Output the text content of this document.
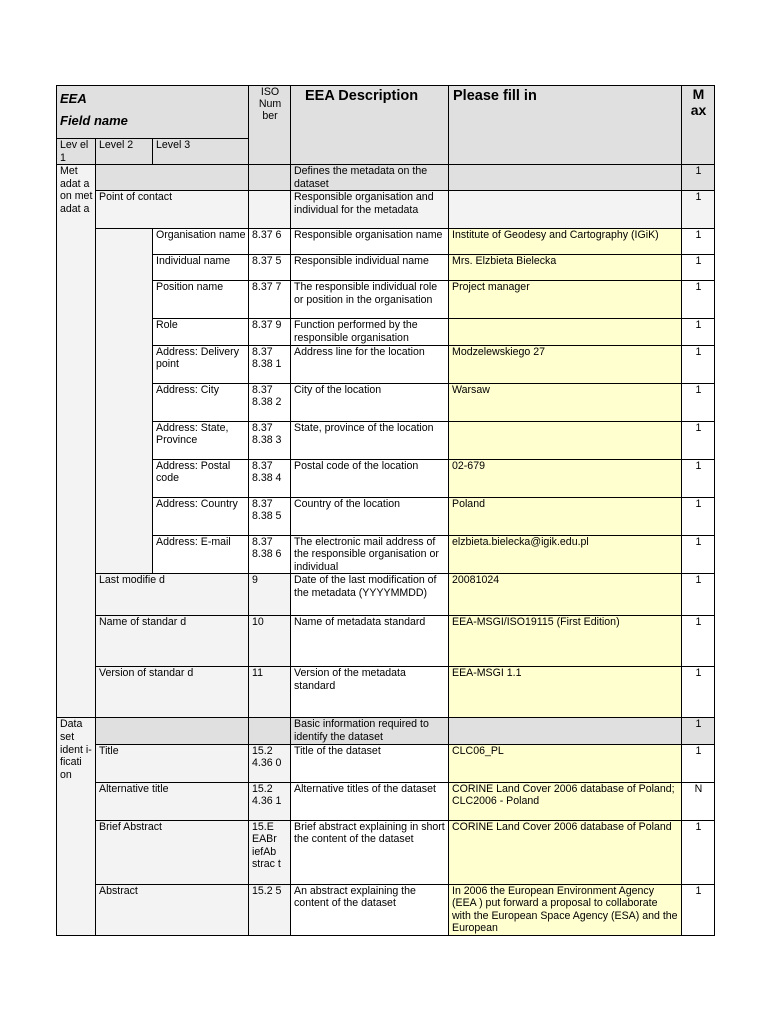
EEA
Field name			ISO Num ber	EEA Description	Please fill in	M ax
Lev el 1	Level 2	Level 3				
Met adat a on met adat a				Defines the metadata on the dataset		1
	Point of contact			Responsible organisation and individual for the metadata		1
		Organisation name	8.37 6	Responsible organisation name	Institute of Geodesy and Cartography (IGiK)	1
		Individual name	8.37 5	Responsible individual name	Mrs. Elzbieta Bielecka	1
		Position name	8.37 7	The responsible individual role or position in the organisation	Project manager	1
		Role	8.37 9	Function performed by the responsible organisation		1
		Address: Delivery point	8.37 8.38 1	Address line for the location	Modzelewskiego 27	1
		Address: City	8.37 8.38 2	City of the location	Warsaw	1
		Address: State, Province	8.37 8.38 3	State, province of the location		1
		Address: Postal code	8.37 8.38 4	Postal code of the location	02-679	1
		Address: Country	8.37 8.38 5	Country of the location	Poland	1
		Address: E-mail	8.37 8.38 6	The electronic mail address of the responsible organisation or individual	elzbieta.bielecka@igik.edu.pl	1
	Last modifie d		9	Date of the last modification of the metadata (YYYYMMDD)	20081024	1
	Name of standar d		10	Name of metadata standard	EEA-MSGI/ISO19115 (First Edition)	1
	Version of standar d		11	Version of the metadata standard	EEA-MSGI 1.1	1
Data set ident i- ficati on				Basic information required to identify the dataset		1
	Title		15.2 4.36 0	Title of the dataset	CLC06_PL	1
	Alternative title		15.2 4.36 1	Alternative titles of the dataset	CORINE Land Cover 2006 database of Poland; CLC2006 - Poland	N
	Brief Abstract		15.E EABr iefAb strac t	Brief abstract explaining in short the content of the dataset	CORINE Land Cover 2006 database of Poland	1
	Abstract		15.2 5	An abstract explaining the content of the dataset	In 2006 the European Environment Agency (EEA ) put forward a proposal to collaborate with the European Space Agency (ESA) and the European	1
